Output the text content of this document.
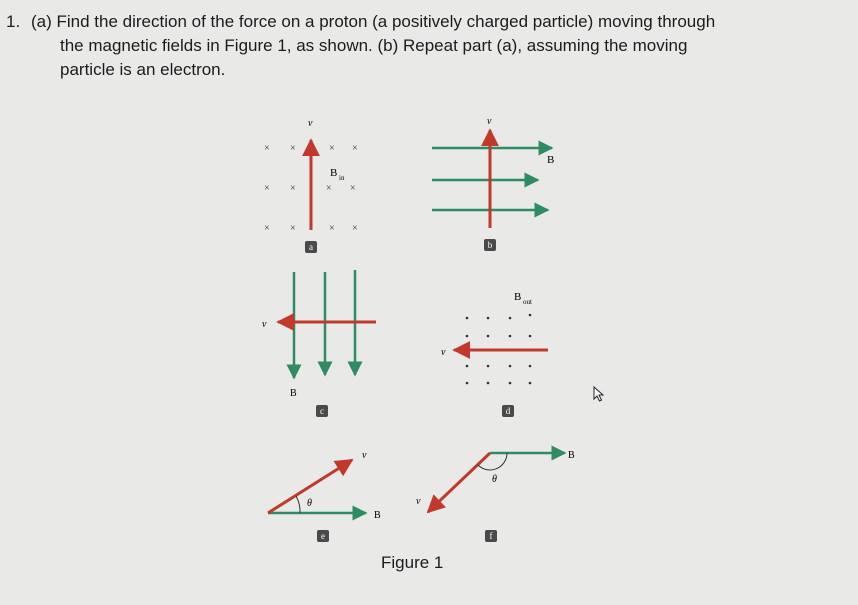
1. (a) Find the direction of the force on a proton (a positively charged particle) moving through
the magnetic fields in Figure 1, as shown. (b) Repeat part (a), assuming the moving
particle is an electron.
× ×	× ×
× ×	× ×
× ×	× ×
v
B in
a
v
B
b
v
B
c
B out
v
d
θ
v
B
e
θ
v
B
f
Figure 1
